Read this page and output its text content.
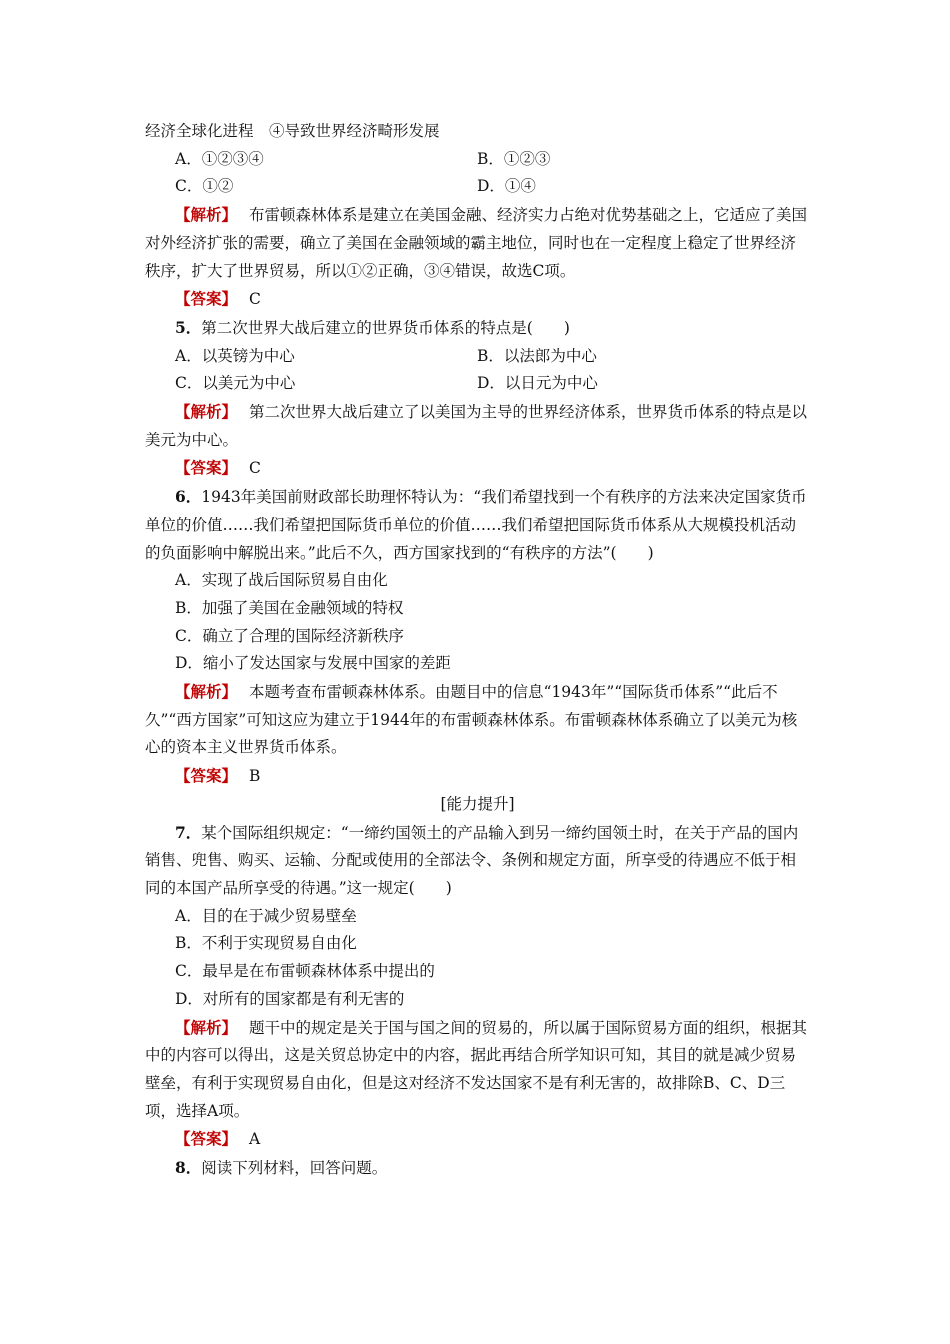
经济全球化进程　④导致世界经济畸形发展
A．①②③④	B．①②③
C．①②	D．①④
【解析】 布雷顿森林体系是建立在美国金融、经济实力占绝对优势基础之上，它适应了美国对外经济扩张的需要，确立了美国在金融领域的霸主地位，同时也在一定程度上稳定了世界经济秩序，扩大了世界贸易，所以①②正确，③④错误，故选C项。
【答案】 C
5．第二次世界大战后建立的世界货币体系的特点是(　　)
A．以英镑为中心	B．以法郎为中心
C．以美元为中心	D．以日元为中心
【解析】 第二次世界大战后建立了以美国为主导的世界经济体系，世界货币体系的特点是以美元为中心。
【答案】 C
6．1943年美国前财政部长助理怀特认为：“我们希望找到一个有秩序的方法来决定国家货币单位的价值……我们希望把国际货币单位的价值……我们希望把国际货币体系从大规模投机活动的负面影响中解脱出来。”此后不久，西方国家找到的“有秩序的方法”(　　)
A．实现了战后国际贸易自由化
B．加强了美国在金融领域的特权
C．确立了合理的国际经济新秩序
D．缩小了发达国家与发展中国家的差距
【解析】 本题考查布雷顿森林体系。由题目中的信息“1943年”“国际货币体系”“此后不久”“西方国家”可知这应为建立于1944年的布雷顿森林体系。布雷顿森林体系确立了以美元为核心的资本主义世界货币体系。
【答案】 B
[能力提升]
7．某个国际组织规定：“一缔约国领土的产品输入到另一缔约国领土时，在关于产品的国内销售、兜售、购买、运输、分配或使用的全部法令、条例和规定方面，所享受的待遇应不低于相同的本国产品所享受的待遇。”这一规定(　　)
A．目的在于减少贸易壁垒
B．不利于实现贸易自由化
C．最早是在布雷顿森林体系中提出的
D．对所有的国家都是有利无害的
【解析】 题干中的规定是关于国与国之间的贸易的，所以属于国际贸易方面的组织，根据其中的内容可以得出，这是关贸总协定中的内容，据此再结合所学知识可知，其目的就是减少贸易壁垒，有利于实现贸易自由化，但是这对经济不发达国家不是有利无害的，故排除B、C、D三项，选择A项。
【答案】 A
8．阅读下列材料，回答问题。
